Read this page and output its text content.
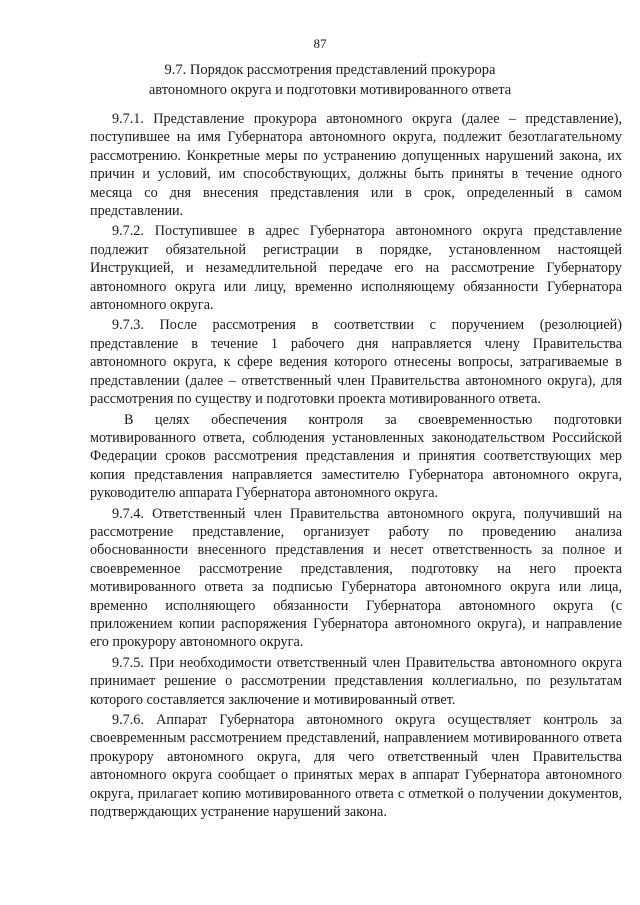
87
9.7. Порядок рассмотрения представлений прокурора
автономного округа и подготовки мотивированного ответа

9.7.1. Представление прокурора автономного округа (далее – представление), поступившее на имя Губернатора автономного округа, подлежит безотлагательному рассмотрению. Конкретные меры по устранению допущенных нарушений закона, их причин и условий, им способствующих, должны быть приняты в течение одного месяца со дня внесения представления или в срок, определенный в самом представлении.

9.7.2. Поступившее в адрес Губернатора автономного округа представление подлежит обязательной регистрации в порядке, установленном настоящей Инструкцией, и незамедлительной передаче его на рассмотрение Губернатору автономного округа или лицу, временно исполняющему обязанности Губернатора автономного округа.

9.7.3. После рассмотрения в соответствии с поручением (резолюцией) представление в течение 1 рабочего дня направляется члену Правительства автономного округа, к сфере ведения которого отнесены вопросы, затрагиваемые в представлении (далее – ответственный член Правительства автономного округа), для рассмотрения по существу и подготовки проекта мотивированного ответа.

В целях обеспечения контроля за своевременностью подготовки мотивированного ответа, соблюдения установленных законодательством Российской Федерации сроков рассмотрения представления и принятия соответствующих мер копия представления направляется заместителю Губернатора автономного округа, руководителю аппарата Губернатора автономного округа.

9.7.4. Ответственный член Правительства автономного округа, получивший на рассмотрение представление, организует работу по проведению анализа обоснованности внесенного представления и несет ответственность за полное и своевременное рассмотрение представления, подготовку на него проекта мотивированного ответа за подписью Губернатора автономного округа или лица, временно исполняющего обязанности Губернатора автономного округа (с приложением копии распоряжения Губернатора автономного округа), и направление его прокурору автономного округа.

9.7.5. При необходимости ответственный член Правительства автономного округа принимает решение о рассмотрении представления коллегиально, по результатам которого составляется заключение и мотивированный ответ.

9.7.6. Аппарат Губернатора автономного округа осуществляет контроль за своевременным рассмотрением представлений, направлением мотивированного ответа прокурору автономного округа, для чего ответственный член Правительства автономного округа сообщает о принятых мерах в аппарат Губернатора автономного округа, прилагает копию мотивированного ответа с отметкой о получении документов, подтверждающих устранение нарушений закона.
